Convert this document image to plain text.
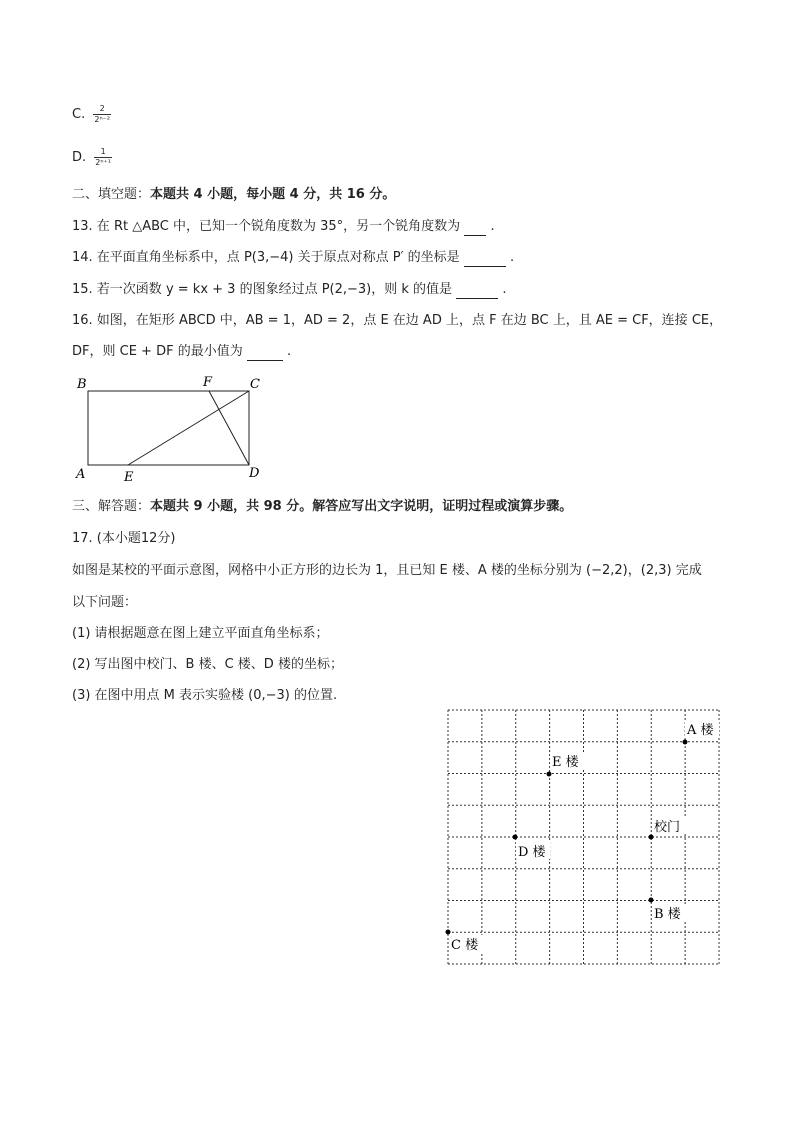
C. $\frac{2}{\text{2ⁿ⁻²}}$
D. $\frac{1}{\text{2ⁿ⁺¹}}$
二、填空题：本题共 4 小题，每小题 4 分，共 16 分。
13. 在 Rt △ABC 中，已知一个锐角度数为 35°，另一个锐角度数为 .
14. 在平面直角坐标系中，点 P(3,−4) 关于原点对称点 P′ 的坐标是	.
15. 若一次函数 y = kx + 3 的图象经过点 P(2,−3)，则 k 的值是	.
16. 如图，在矩形 ABCD 中，AB = 1，AD = 2，点 E 在边 AD 上，点 F 在边 BC 上，且 AE = CF，连接 CE，
DF，则 CE + DF 的最小值为	.
B	F	C
A	E	D
三、解答题：本题共 9 小题，共 98 分。解答应写出文字说明，证明过程或演算步骤。
17. (本小题12分)
如图是某校的平面示意图，网格中小正方形的边长为 1，且已知 E 楼、A 楼的坐标分别为 (−2,2)，(2,3) 完成
以下问题：
(1) 请根据题意在图上建立平面直角坐标系；
(2) 写出图中校门、B 楼、C 楼、D 楼的坐标；
(3) 在图中用点 M 表示实验楼 (0,−3) 的位置.
A 楼
E 楼
校门
D 楼
B 楼
C 楼
